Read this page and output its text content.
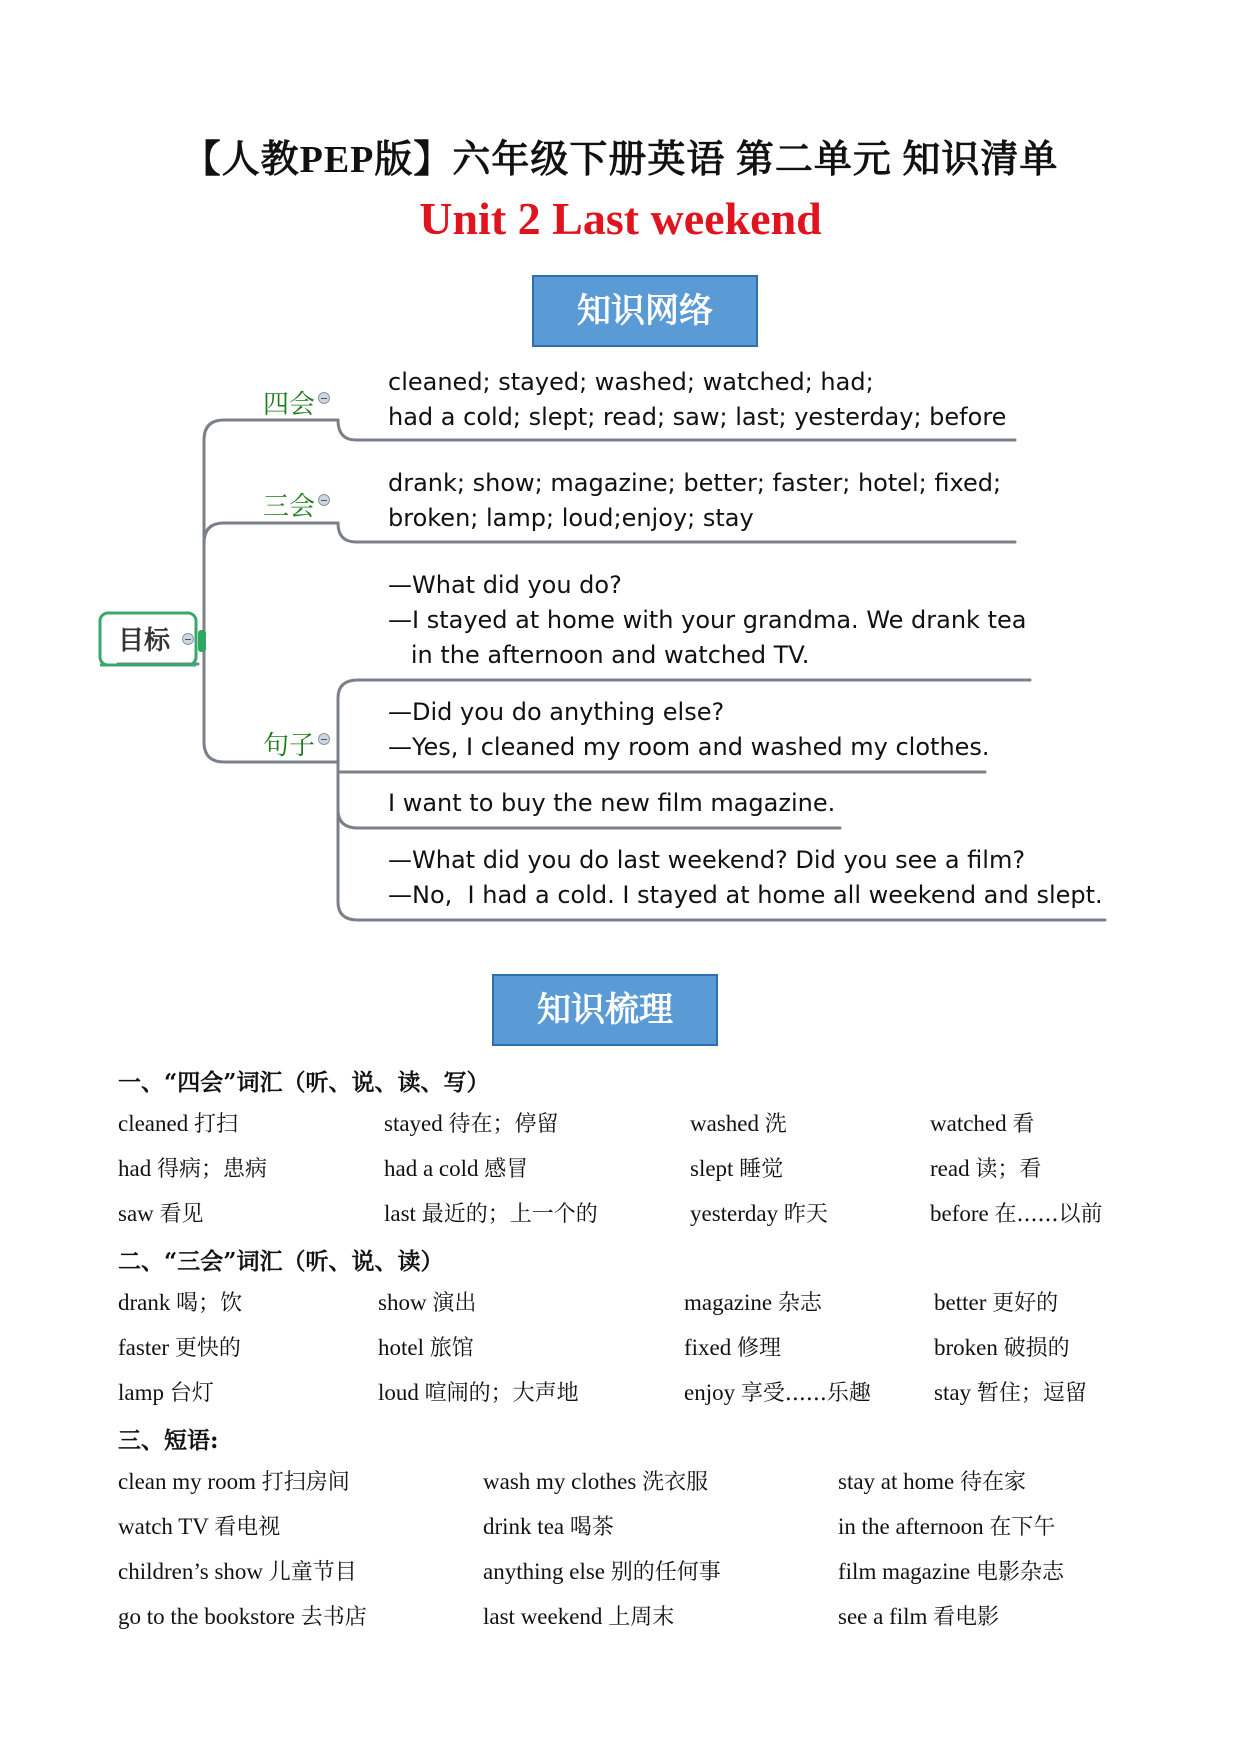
【人教PEP版】六年级下册英语 第二单元 知识清单
Unit 2 Last weekend
知识网络
目标
四会
cleaned; stayed; washed; watched; had;
had a cold; slept; read; saw; last; yesterday; before
三会
drank; show; magazine; better; faster; hotel; fixed;
broken; lamp; loud;enjoy; stay
句子
—What did you do?
—I stayed at home with your grandma. We drank tea
in the afternoon and watched TV.
—Did you do anything else?
—Yes, I cleaned my room and washed my clothes.
I want to buy the new film magazine.
—What did you do last weekend? Did you see a film?
—No,  I had a cold. I stayed at home all weekend and slept.
知识梳理
一、“四会”词汇（听、说、读、写）
cleaned 打扫	stayed 待在；停留	washed 洗	watched 看
had 得病；患病	had a cold 感冒	slept 睡觉	read 读；看
saw 看见	last 最近的；上一个的	yesterday 昨天	before 在......以前
二、“三会”词汇（听、说、读）
drank 喝；饮	show 演出	magazine 杂志	better 更好的
faster 更快的	hotel 旅馆	fixed 修理	broken 破损的
lamp 台灯	loud 喧闹的；大声地	enjoy 享受......乐趣	stay 暂住；逗留
三、短语:
clean my room 打扫房间	wash my clothes 洗衣服	stay at home 待在家
watch TV 看电视	drink tea 喝茶	in the afternoon 在下午
children’s show 儿童节目	anything else 别的任何事	film magazine 电影杂志
go to the bookstore 去书店	last weekend 上周末	see a film 看电影
